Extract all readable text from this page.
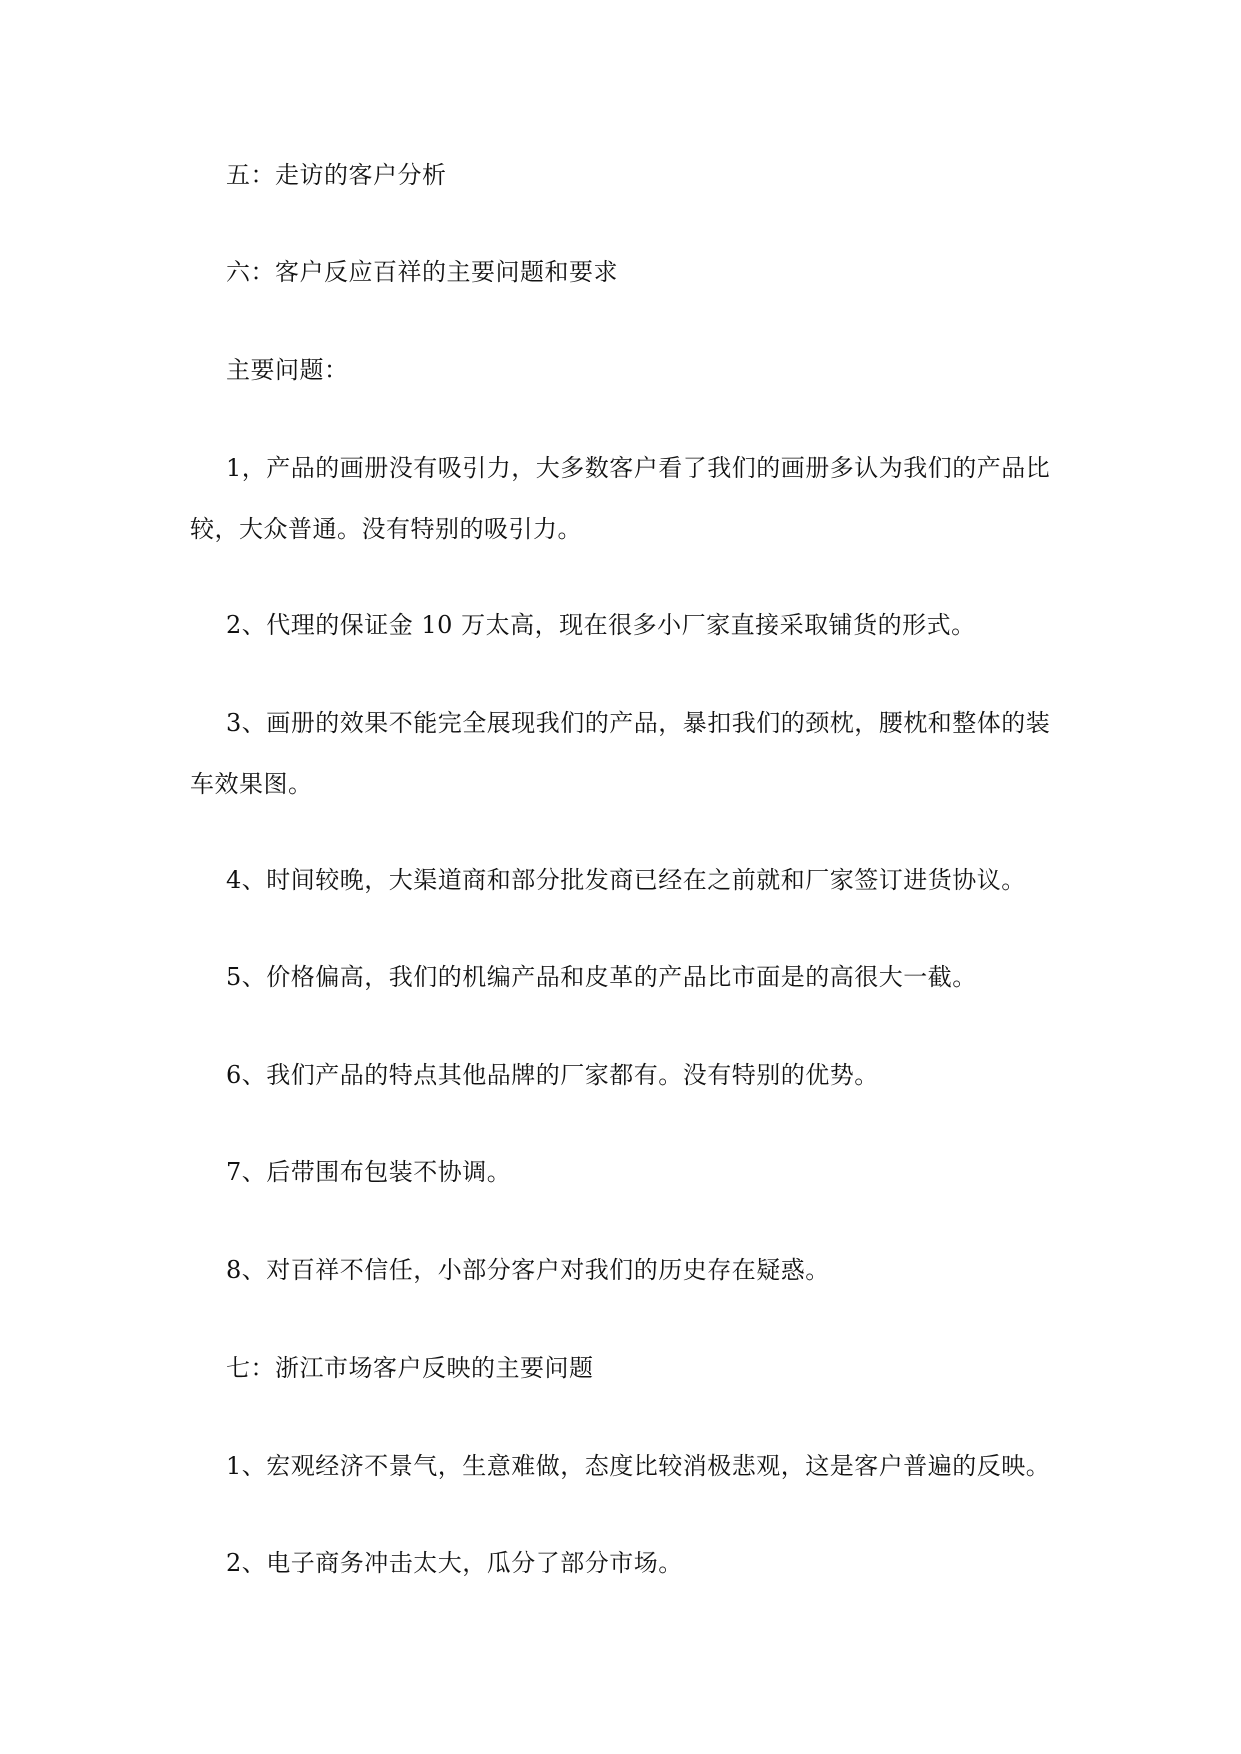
五：走访的客户分析

六：客户反应百祥的主要问题和要求

主要问题：

1，产品的画册没有吸引力，大多数客户看了我们的画册多认为我们的产品比较，大众普通。没有特别的吸引力。

2、代理的保证金 10 万太高，现在很多小厂家直接采取铺货的形式。

3、画册的效果不能完全展现我们的产品，暴扣我们的颈枕，腰枕和整体的装车效果图。

4、时间较晚，大渠道商和部分批发商已经在之前就和厂家签订进货协议。

5、价格偏高，我们的机编产品和皮革的产品比市面是的高很大一截。

6、我们产品的特点其他品牌的厂家都有。没有特别的优势。

7、后带围布包装不协调。

8、对百祥不信任，小部分客户对我们的历史存在疑惑。

七：浙江市场客户反映的主要问题

1、宏观经济不景气，生意难做，态度比较消极悲观，这是客户普遍的反映。

2、电子商务冲击太大，瓜分了部分市场。
